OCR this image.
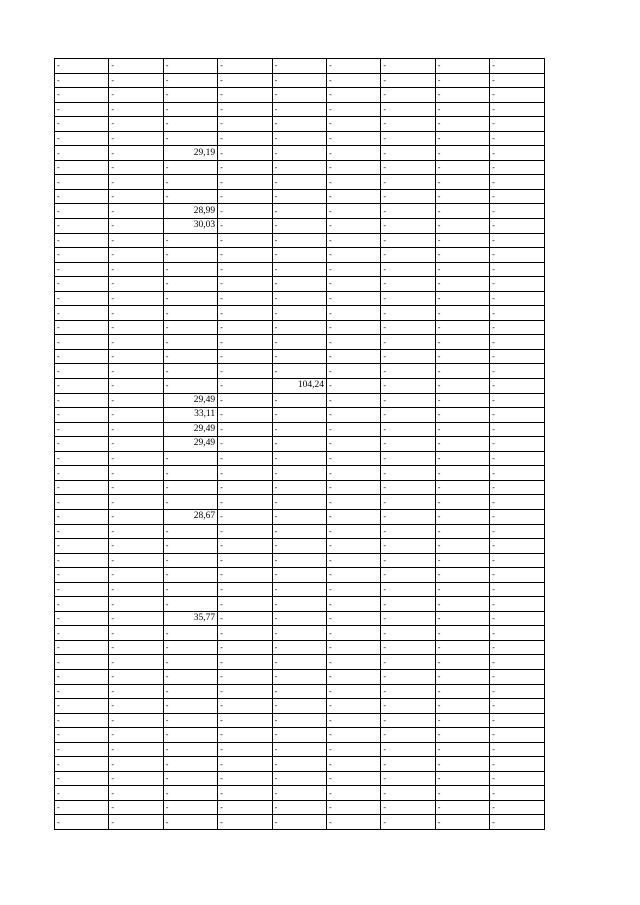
-	-	-	-	-	-	-	-	-
-	-	-	-	-	-	-	-	-
-	-	-	-	-	-	-	-	-
-	-	-	-	-	-	-	-	-
-	-	-	-	-	-	-	-	-
-	-	-	-	-	-	-	-	-
-	-	29,19	-	-	-	-	-	-
-	-	-	-	-	-	-	-	-
-	-	-	-	-	-	-	-	-
-	-	-	-	-	-	-	-	-
-	-	28,99	-	-	-	-	-	-
-	-	30,03	-	-	-	-	-	-
-	-	-	-	-	-	-	-	-
-	-	-	-	-	-	-	-	-
-	-	-	-	-	-	-	-	-
-	-	-	-	-	-	-	-	-
-	-	-	-	-	-	-	-	-
-	-	-	-	-	-	-	-	-
-	-	-	-	-	-	-	-	-
-	-	-	-	-	-	-	-	-
-	-	-	-	-	-	-	-	-
-	-	-	-	-	-	-	-	-
-	-	-	-	104,24	-	-	-	-
-	-	29,49	-	-	-	-	-	-
-	-	33,11	-	-	-	-	-	-
-	-	29,49	-	-	-	-	-	-
-	-	29,49	-	-	-	-	-	-
-	-	-	-	-	-	-	-	-
-	-	-	-	-	-	-	-	-
-	-	-	-	-	-	-	-	-
-	-	-	-	-	-	-	-	-
-	-	28,67	-	-	-	-	-	-
-	-	-	-	-	-	-	-	-
-	-	-	-	-	-	-	-	-
-	-	-	-	-	-	-	-	-
-	-	-	-	-	-	-	-	-
-	-	-	-	-	-	-	-	-
-	-	-	-	-	-	-	-	-
-	-	35,77	-	-	-	-	-	-
-	-	-	-	-	-	-	-	-
-	-	-	-	-	-	-	-	-
-	-	-	-	-	-	-	-	-
-	-	-	-	-	-	-	-	-
-	-	-	-	-	-	-	-	-
-	-	-	-	-	-	-	-	-
-	-	-	-	-	-	-	-	-
-	-	-	-	-	-	-	-	-
-	-	-	-	-	-	-	-	-
-	-	-	-	-	-	-	-	-
-	-	-	-	-	-	-	-	-
-	-	-	-	-	-	-	-	-
-	-	-	-	-	-	-	-	-
-	-	-	-	-	-	-	-	-
